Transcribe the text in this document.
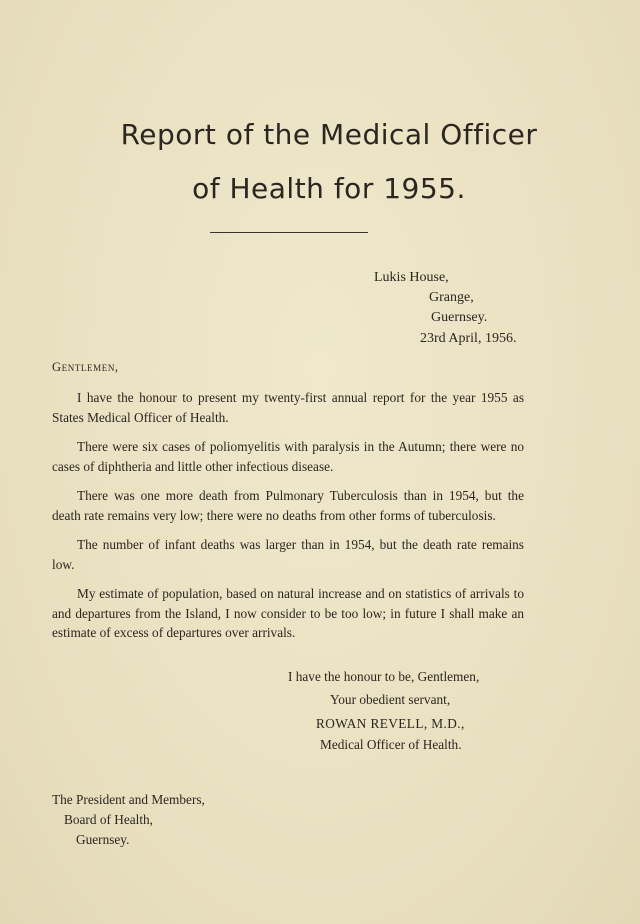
Report of the Medical Officer
of Health for 1955.
Lukis House,
Grange,
Guernsey.
23rd April, 1956.
Gentlemen,
I have the honour to present my twenty-first annual report for the year 1955 as States Medical Officer of Health.
There were six cases of poliomyelitis with paralysis in the Autumn; there were no cases of diphtheria and little other infectious disease.
There was one more death from Pulmonary Tuberculosis than in 1954, but the death rate remains very low; there were no deaths from other forms of tuberculosis.
The number of infant deaths was larger than in 1954, but the death rate remains low.
My estimate of population, based on natural increase and on statistics of arrivals to and departures from the Island, I now consider to be too low; in future I shall make an estimate of excess of departures over arrivals.
I have the honour to be, Gentlemen,
Your obedient servant,
ROWAN REVELL, M.D.,
Medical Officer of Health.
The President and Members,
Board of Health,
Guernsey.
